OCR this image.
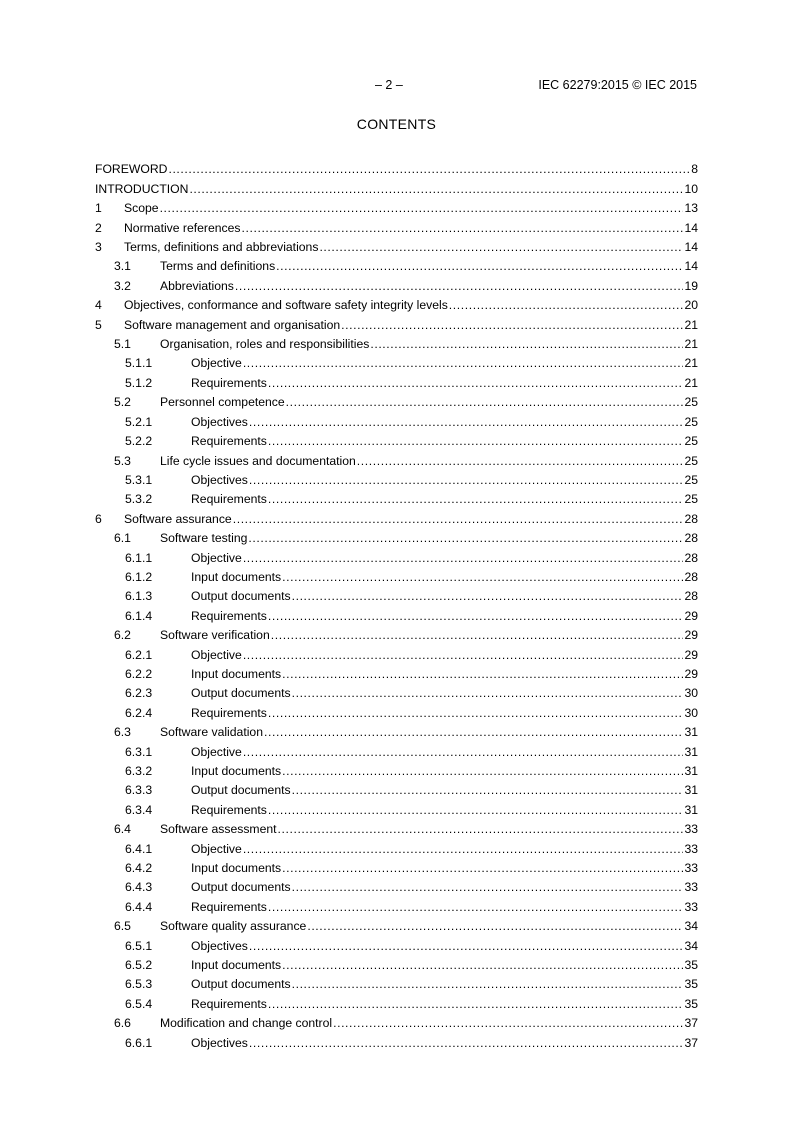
– 2 –	IEC 62279:2015 © IEC 2015
CONTENTS
FOREWORD .....	8
INTRODUCTION .....	10
1	Scope .....	13
2	Normative references .....	14
3	Terms, definitions and abbreviations .....	14
3.1	Terms and definitions .....	14
3.2	Abbreviations .....	19
4	Objectives, conformance and software safety integrity levels .....	20
5	Software management and organisation .....	21
5.1	Organisation, roles and responsibilities .....	21
5.1.1	Objective .....	21
5.1.2	Requirements .....	21
5.2	Personnel competence .....	25
5.2.1	Objectives .....	25
5.2.2	Requirements .....	25
5.3	Life cycle issues and documentation .....	25
5.3.1	Objectives .....	25
5.3.2	Requirements .....	25
6	Software assurance .....	28
6.1	Software testing .....	28
6.1.1	Objective .....	28
6.1.2	Input documents .....	28
6.1.3	Output documents .....	28
6.1.4	Requirements .....	29
6.2	Software verification .....	29
6.2.1	Objective .....	29
6.2.2	Input documents .....	29
6.2.3	Output documents .....	30
6.2.4	Requirements .....	30
6.3	Software validation .....	31
6.3.1	Objective .....	31
6.3.2	Input documents .....	31
6.3.3	Output documents .....	31
6.3.4	Requirements .....	31
6.4	Software assessment .....	33
6.4.1	Objective .....	33
6.4.2	Input documents .....	33
6.4.3	Output documents .....	33
6.4.4	Requirements .....	33
6.5	Software quality assurance .....	34
6.5.1	Objectives .....	34
6.5.2	Input documents .....	35
6.5.3	Output documents .....	35
6.5.4	Requirements .....	35
6.6	Modification and change control .....	37
6.6.1	Objectives .....	37
